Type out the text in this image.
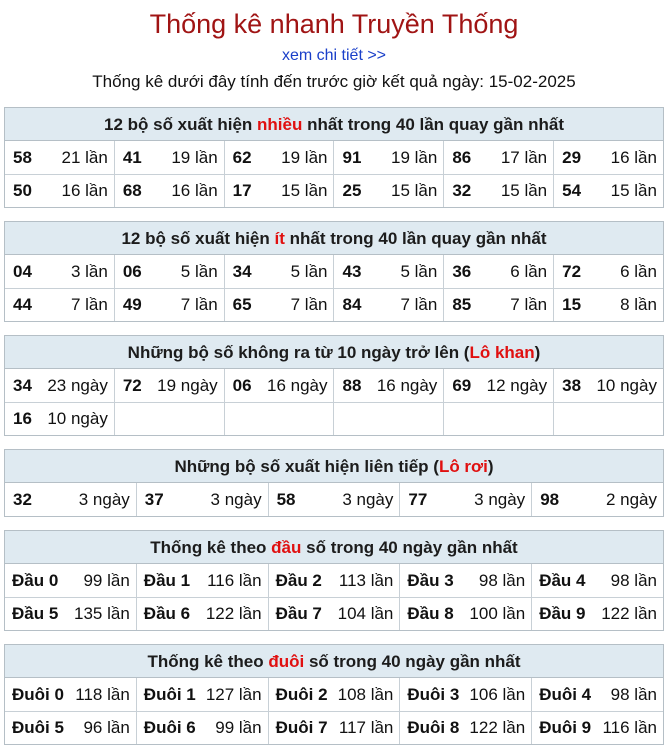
Thống kê nhanh Truyền Thống
xem chi tiết >>
Thống kê dưới đây tính đến trước giờ kết quả ngày: 15-02-2025
12 bộ số xuất hiện nhiều nhất trong 40 lần quay gần nhất
58 21 lần 41 19 lần 62 19 lần 91 19 lần 86 17 lần 29 16 lần
50 16 lần 68 16 lần 17 15 lần 25 15 lần 32 15 lần 54 15 lần
12 bộ số xuất hiện ít nhất trong 40 lần quay gần nhất
04 3 lần 06 5 lần 34 5 lần 43 5 lần 36 6 lần 72 6 lần
44 7 lần 49 7 lần 65 7 lần 84 7 lần 85 7 lần 15 8 lần
Những bộ số không ra từ 10 ngày trở lên (Lô khan)
34 23 ngày 72 19 ngày 06 16 ngày 88 16 ngày 69 12 ngày 38 10 ngày
16 10 ngày
Những bộ số xuất hiện liên tiếp (Lô rơi)
32	3 ngày 37	3 ngày 58	3 ngày 77	3 ngày 98	2 ngày
Thống kê theo đầu số trong 40 ngày gần nhất
Đầu 0 99 lần Đầu 1 116 lần Đầu 2 113 lần Đầu 3 98 lần Đầu 4 98 lần
Đầu 5 135 lần Đầu 6 122 lần Đầu 7 104 lần Đầu 8 100 lần Đầu 9 122 lần
Thống kê theo đuôi số trong 40 ngày gần nhất
Đuôi 0 118 lần Đuôi 1 127 lần Đuôi 2 108 lần Đuôi 3 106 lần Đuôi 4 98 lần
Đuôi 5 96 lần Đuôi 6 99 lần Đuôi 7 117 lần Đuôi 8 122 lần Đuôi 9 116 lần
